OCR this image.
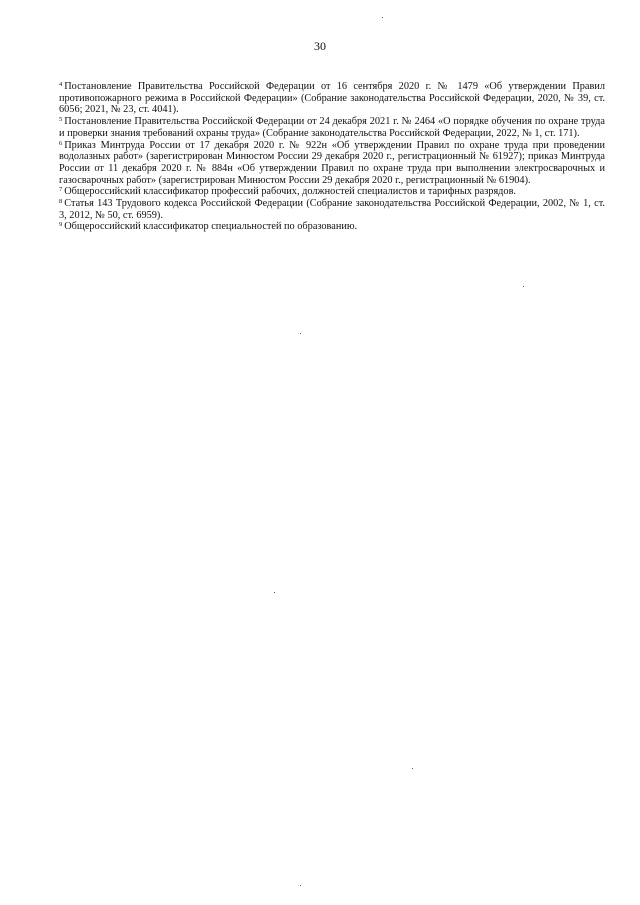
30

$^4$ Постановление Правительства Российской Федерации от 16 сентября 2020 г. № 1479 «Об утверждении Правил противопожарного режима в Российской Федерации» (Собрание законодательства Российской Федерации, 2020, № 39, ст. 6056; 2021, № 23, ст. 4041).

$^5$ Постановление Правительства Российской Федерации от 24 декабря 2021 г. № 2464 «О порядке обучения по охране труда и проверки знания требований охраны труда» (Собрание законодательства Российской Федерации, 2022, № 1, ст. 171).

$^6$ Приказ Минтруда России от 17 декабря 2020 г. № 922н «Об утверждении Правил по охране труда при проведении водолазных работ» (зарегистрирован Минюстом России 29 декабря 2020 г., регистрационный № 61927); приказ Минтруда России от 11 декабря 2020 г. № 884н «Об утверждении Правил по охране труда при выполнении электросварочных и газосварочных работ» (зарегистрирован Минюстом России 29 декабря 2020 г., регистрационный № 61904).

$^7$ Общероссийский классификатор профессий рабочих, должностей специалистов и тарифных разрядов.

$^8$ Статья 143 Трудового кодекса Российской Федерации (Собрание законодательства Российской Федерации, 2002, № 1, ст. 3, 2012, № 50, ст. 6959).

$^9$ Общероссийский классификатор специальностей по образованию.
